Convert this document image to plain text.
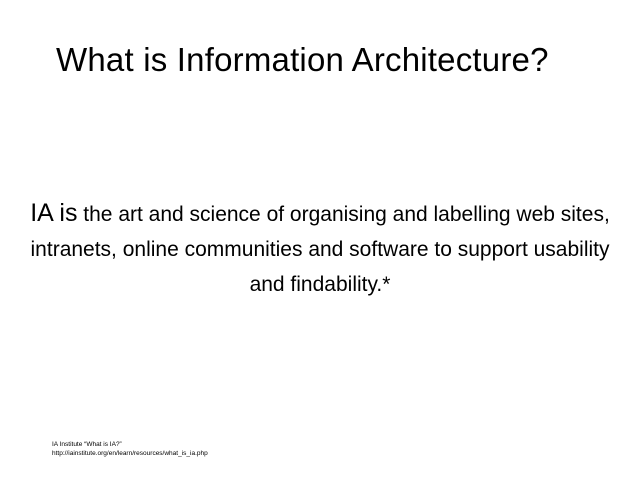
What is Information Architecture?
IA is the art and science of organising and labelling web sites, intranets, online communities and software to support usability and findability.*
IA Institute “What is IA?”
http://iainstitute.org/en/learn/resources/what_is_ia.php
